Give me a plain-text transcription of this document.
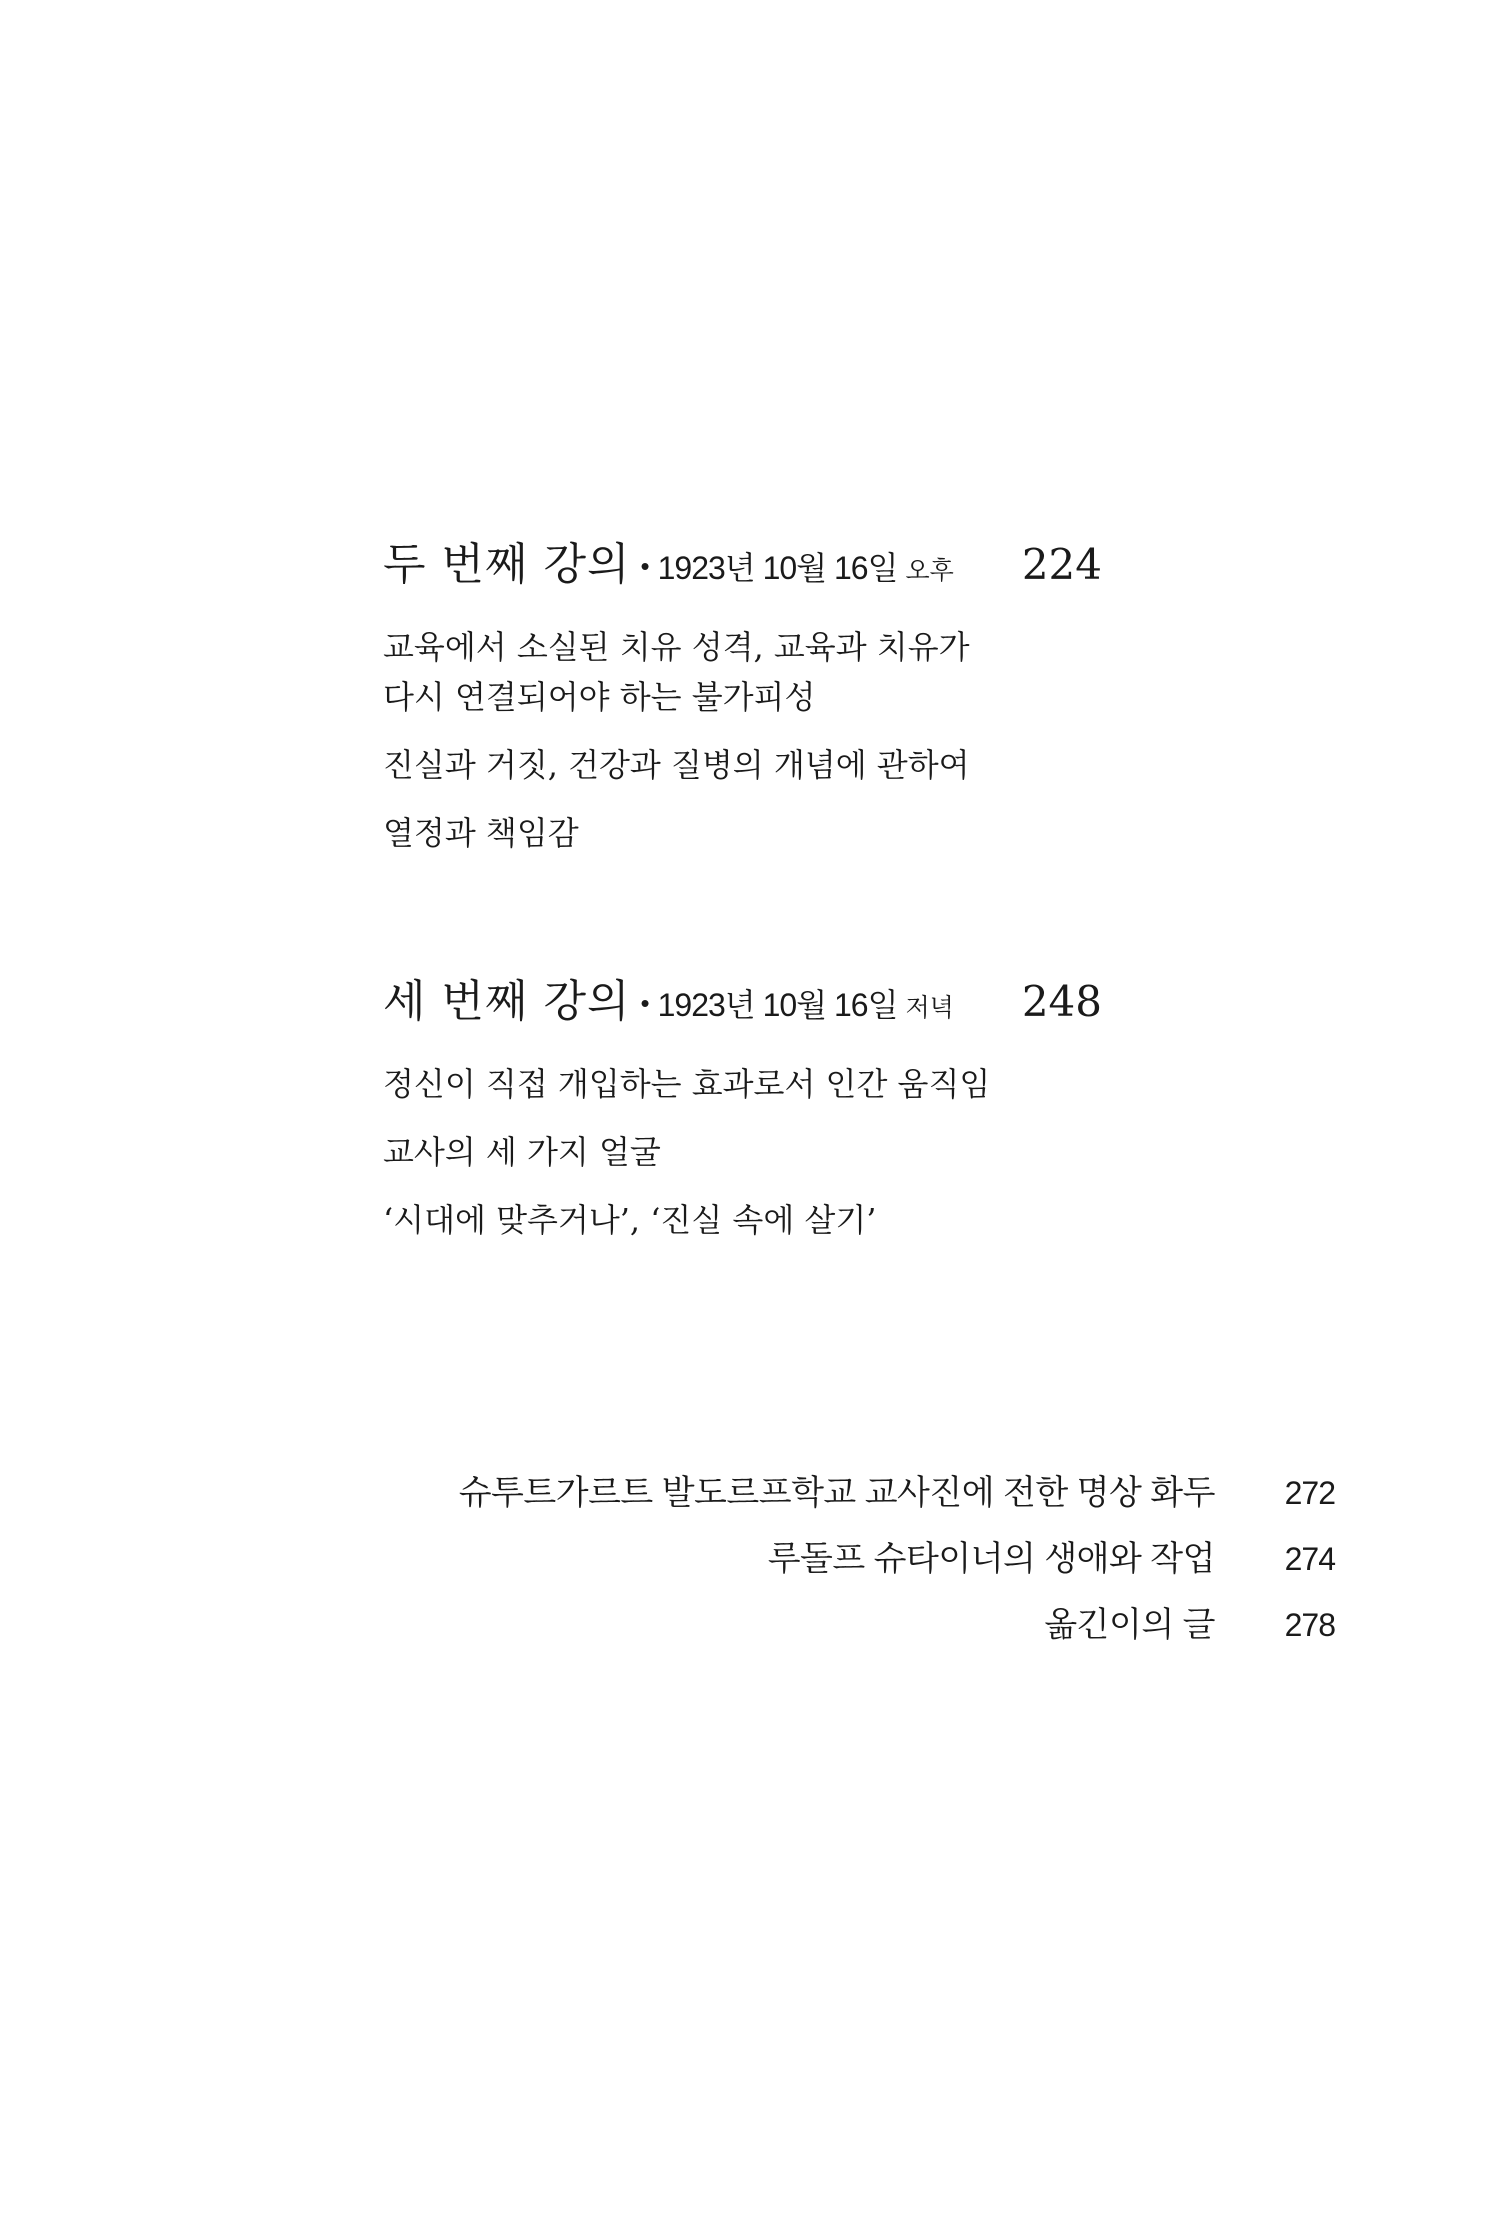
두 번째 강의 • 1923년 10월 16일 오후 224
교육에서 소실된 치유 성격, 교육과 치유가
다시 연결되어야 하는 불가피성
진실과 거짓, 건강과 질병의 개념에 관하여
열정과 책임감
세 번째 강의 • 1923년 10월 16일 저녁 248
정신이 직접 개입하는 효과로서 인간 움직임
교사의 세 가지 얼굴
‘시대에 맞추거나’, ‘진실 속에 살기’
슈투트가르트 발도르프학교 교사진에 전한 명상 화두	272
루돌프 슈타이너의 생애와 작업	274
옮긴이의 글	278
